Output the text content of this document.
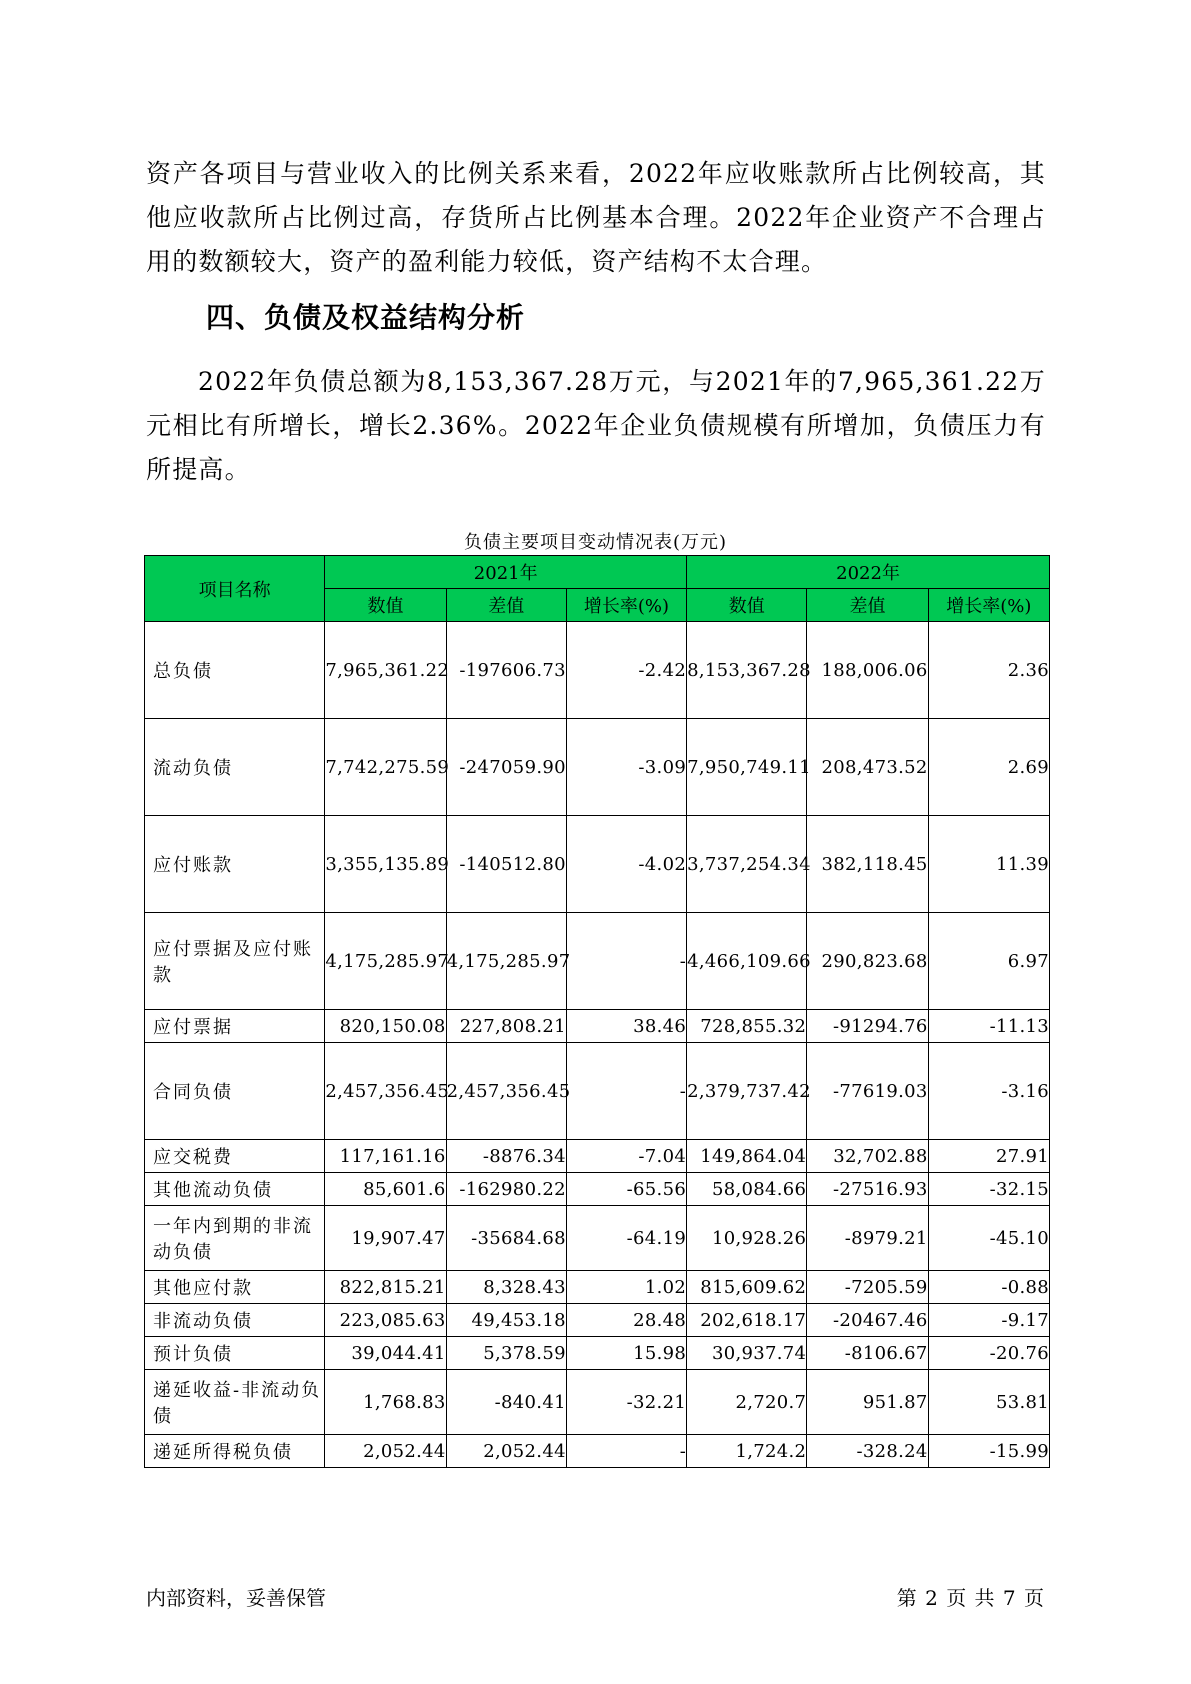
资产各项目与营业收入的比例关系来看，2022年应收账款所占比例较高，其他应收款所占比例过高，存货所占比例基本合理。2022年企业资产不合理占用的数额较大，资产的盈利能力较低，资产结构不太合理。

四、负债及权益结构分析

2022年负债总额为8,153,367.28万元，与2021年的7,965,361.22万元相比有所增长，增长2.36%。2022年企业负债规模有所增加，负债压力有所提高。

负债主要项目变动情况表(万元)
项目名称	2021年			2022年		
	数值	差值	增长率(%)	数值	差值	增长率(%)
总负债	7,965,361.22	-197606.73	-2.42	8,153,367.28	188,006.06	2.36
流动负债	7,742,275.59	-247059.90	-3.09	7,950,749.11	208,473.52	2.69
应付账款	3,355,135.89	-140512.80	-4.02	3,737,254.34	382,118.45	11.39
应付票据及应付账款	4,175,285.97	4,175,285.97	-	4,466,109.66	290,823.68	6.97
应付票据	820,150.08	227,808.21	38.46	728,855.32	-91294.76	-11.13
合同负债	2,457,356.45	2,457,356.45	-	2,379,737.42	-77619.03	-3.16
应交税费	117,161.16	-8876.34	-7.04	149,864.04	32,702.88	27.91
其他流动负债	85,601.6	-162980.22	-65.56	58,084.66	-27516.93	-32.15
一年内到期的非流动负债	19,907.47	-35684.68	-64.19	10,928.26	-8979.21	-45.10
其他应付款	822,815.21	8,328.43	1.02	815,609.62	-7205.59	-0.88
非流动负债	223,085.63	49,453.18	28.48	202,618.17	-20467.46	-9.17
预计负债	39,044.41	5,378.59	15.98	30,937.74	-8106.67	-20.76
递延收益-非流动负债	1,768.83	-840.41	-32.21	2,720.7	951.87	53.81
递延所得税负债	2,052.44	2,052.44	-	1,724.2	-328.24	-15.99
内部资料，妥善保管	第 2 页 共 7 页
